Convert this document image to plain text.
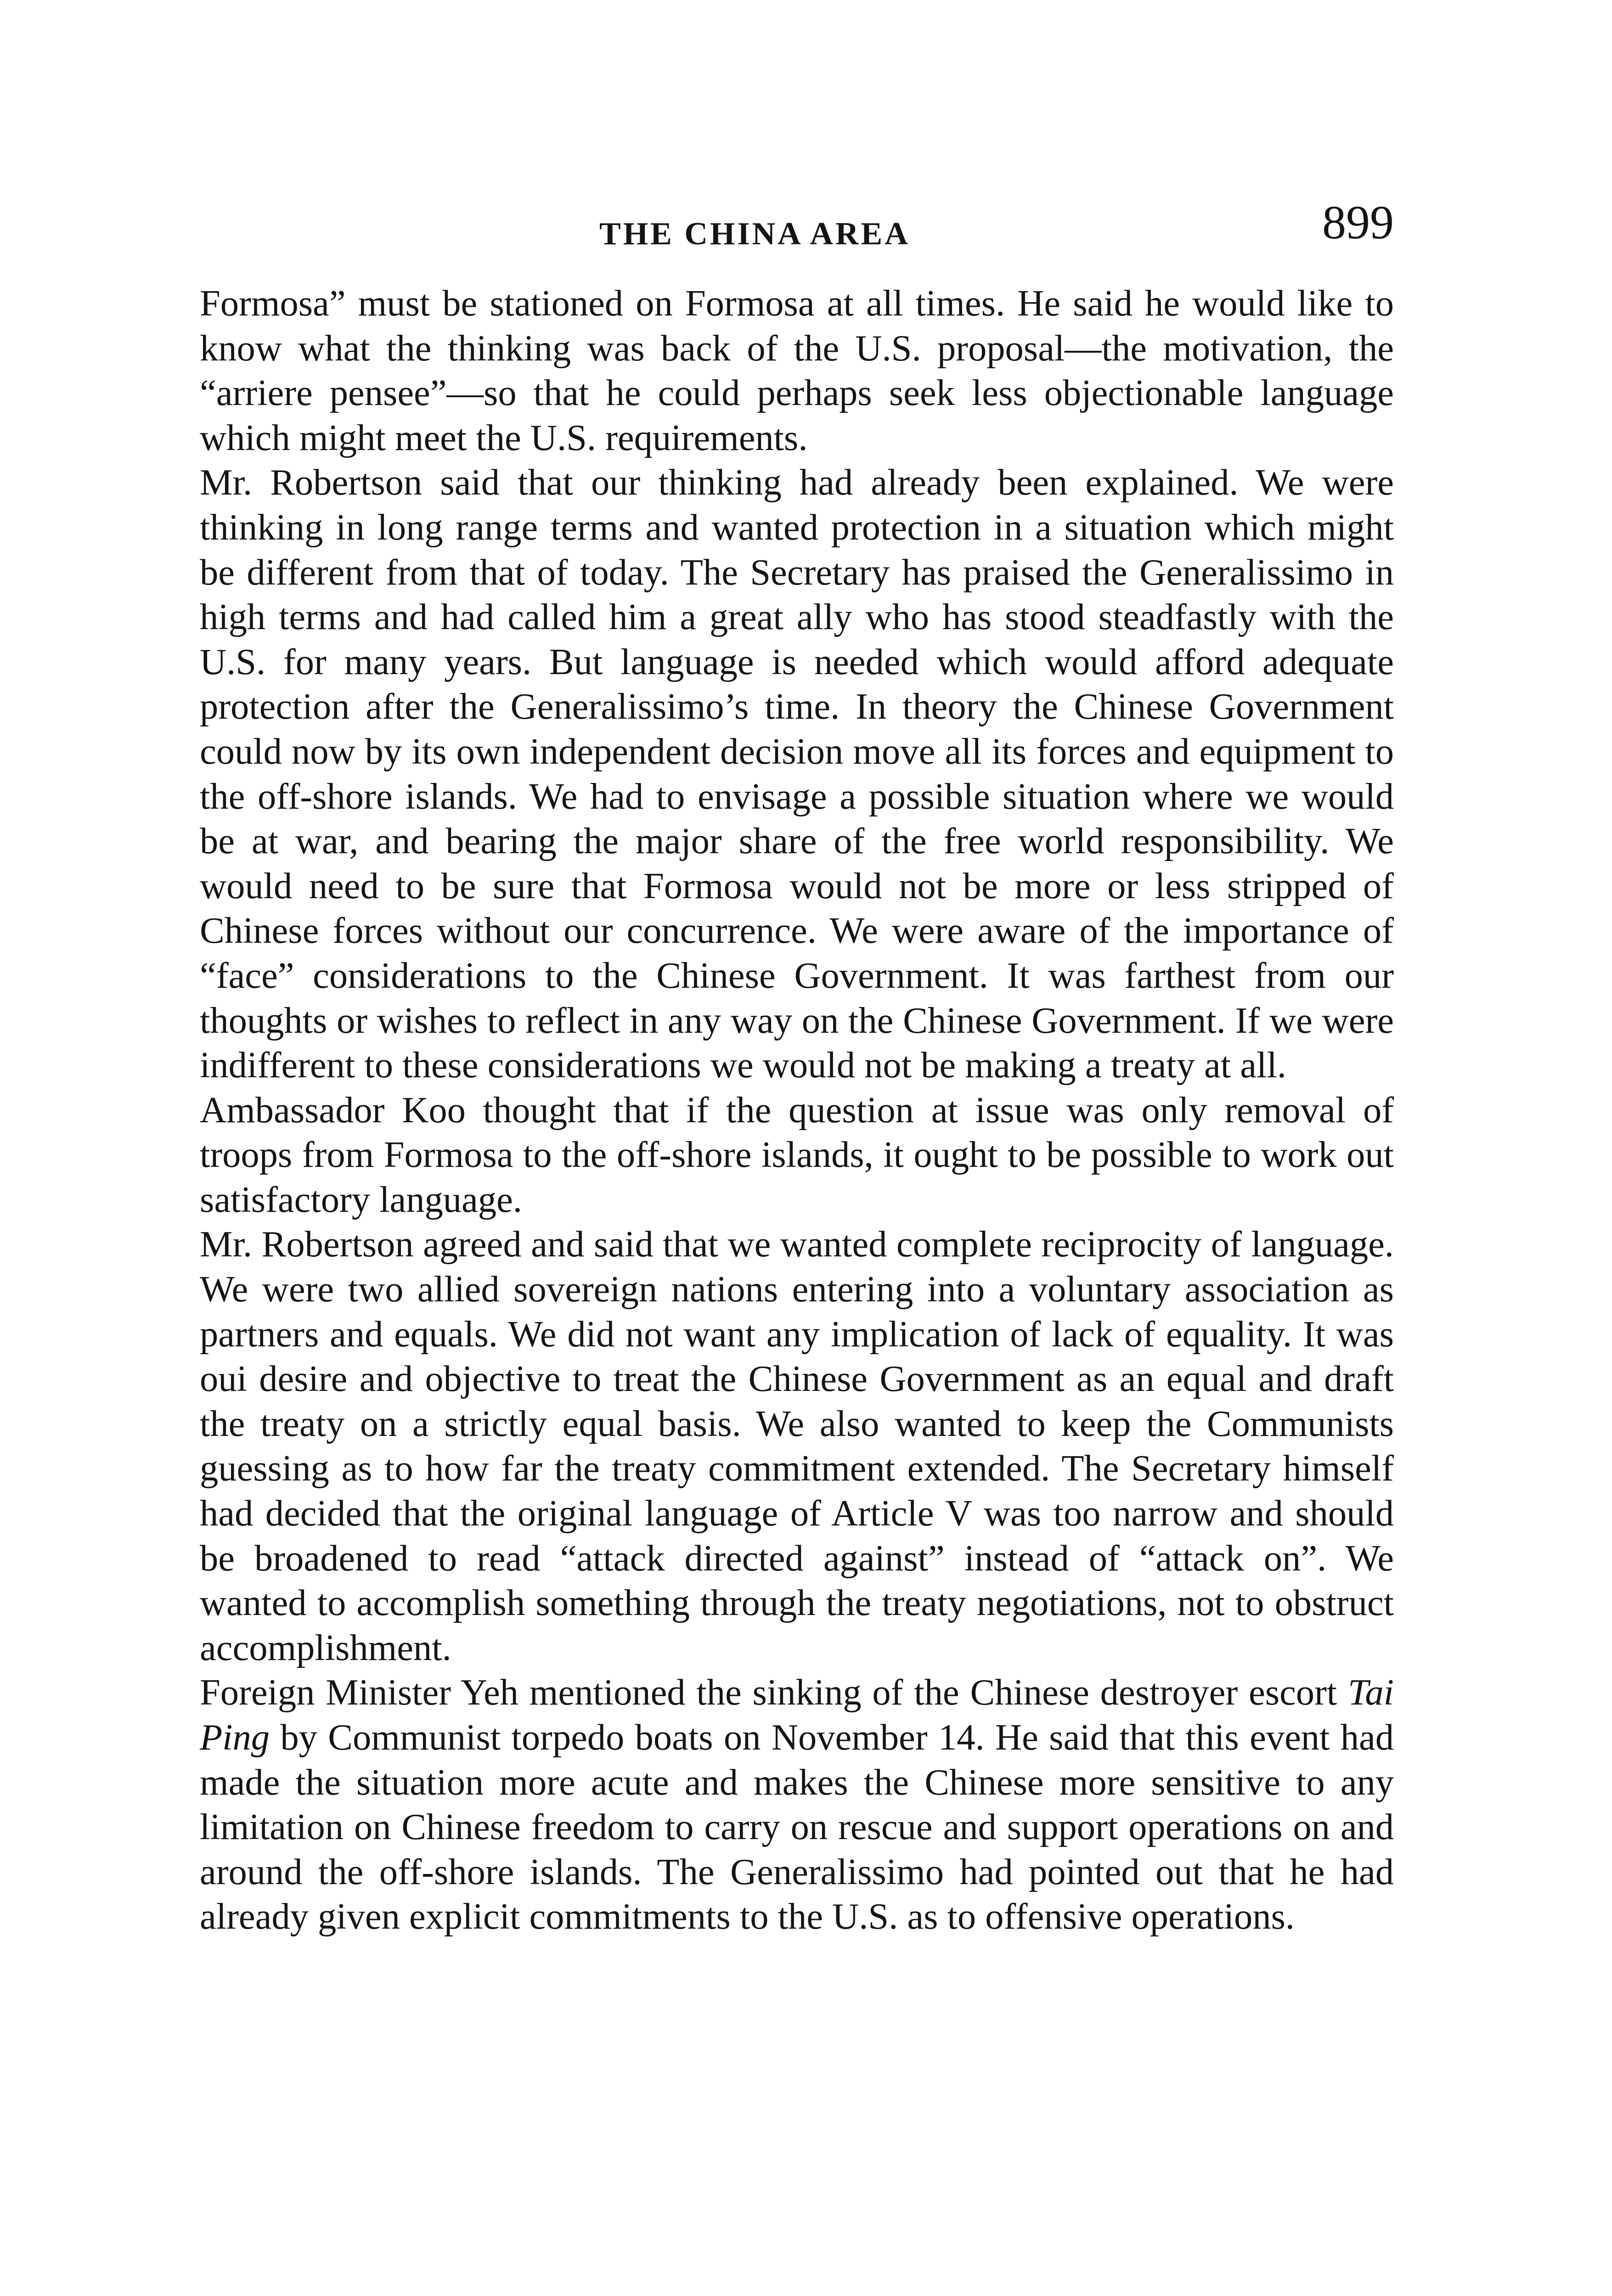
THE CHINA AREA	899

Formosa” must be stationed on Formosa at all times. He said he would like to know what the thinking was back of the U.S. proposal—the motivation, the “arriere pensee”—so that he could perhaps seek less objectionable language which might meet the U.S. requirements.

Mr. Robertson said that our thinking had already been explained. We were thinking in long range terms and wanted protection in a situation which might be different from that of today. The Secretary has praised the Generalissimo in high terms and had called him a great ally who has stood steadfastly with the U.S. for many years. But language is needed which would afford adequate protection after the Generalissimo’s time. In theory the Chinese Government could now by its own independent decision move all its forces and equipment to the off-shore islands. We had to envisage a possible situation where we would be at war, and bearing the major share of the free world responsibility. We would need to be sure that Formosa would not be more or less stripped of Chinese forces without our concurrence. We were aware of the importance of “face” considerations to the Chinese Government. It was farthest from our thoughts or wishes to reflect in any way on the Chinese Government. If we were indifferent to these considerations we would not be making a treaty at all.

Ambassador Koo thought that if the question at issue was only removal of troops from Formosa to the off-shore islands, it ought to be possible to work out satisfactory language.

Mr. Robertson agreed and said that we wanted complete reciprocity of language. We were two allied sovereign nations entering into a voluntary association as partners and equals. We did not want any implication of lack of equality. It was oui desire and objective to treat the Chinese Government as an equal and draft the treaty on a strictly equal basis. We also wanted to keep the Communists guessing as to how far the treaty commitment extended. The Secretary himself had decided that the original language of Article V was too narrow and should be broadened to read “attack directed against” instead of “attack on”. We wanted to accomplish something through the treaty negotiations, not to obstruct accomplishment.

Foreign Minister Yeh mentioned the sinking of the Chinese destroyer escort Tai Ping by Communist torpedo boats on November 14. He said that this event had made the situation more acute and makes the Chinese more sensitive to any limitation on Chinese freedom to carry on rescue and support operations on and around the off-shore islands. The Generalissimo had pointed out that he had already given explicit commitments to the U.S. as to offensive operations.
